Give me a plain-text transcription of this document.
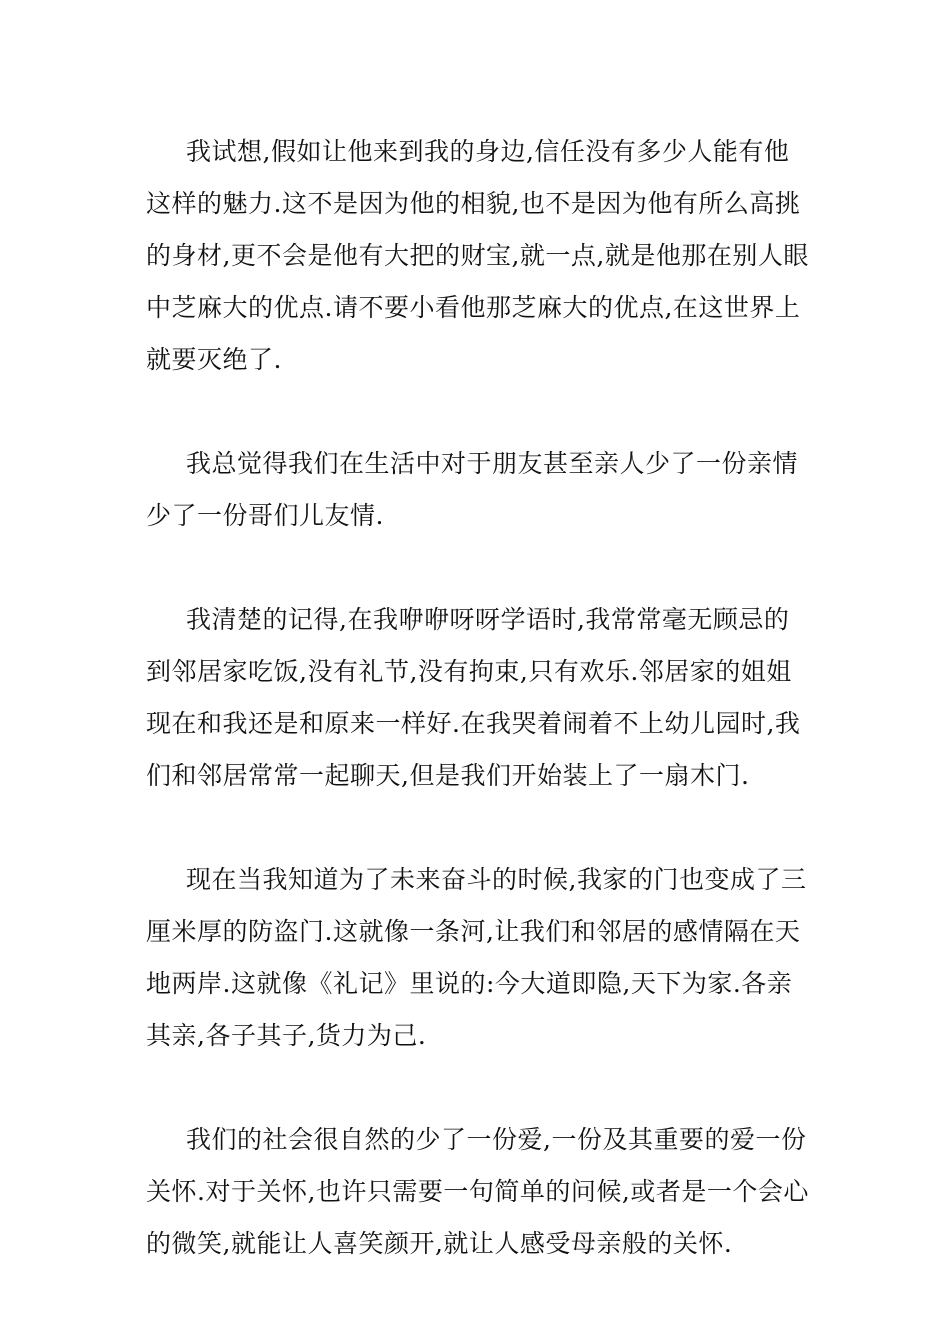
我试想,假如让他来到我的身边,信任没有多少人能有他这样的魅力.这不是因为他的相貌,也不是因为他有所么高挑的身材,更不会是他有大把的财宝,就一点,就是他那在别人眼中芝麻大的优点.请不要小看他那芝麻大的优点,在这世界上就要灭绝了.

我总觉得我们在生活中对于朋友甚至亲人少了一份亲情少了一份哥们儿友情.

我清楚的记得,在我咿咿呀呀学语时,我常常毫无顾忌的到邻居家吃饭,没有礼节,没有拘束,只有欢乐.邻居家的姐姐现在和我还是和原来一样好.在我哭着闹着不上幼儿园时,我们和邻居常常一起聊天,但是我们开始装上了一扇木门.

现在当我知道为了未来奋斗的时候,我家的门也变成了三厘米厚的防盗门.这就像一条河,让我们和邻居的感情隔在天地两岸.这就像《礼记》里说的:今大道即隐,天下为家.各亲其亲,各子其子,货力为己.

我们的社会很自然的少了一份爱,一份及其重要的爱一份关怀.对于关怀,也许只需要一句简单的问候,或者是一个会心的微笑,就能让人喜笑颜开,就让人感受母亲般的关怀.
